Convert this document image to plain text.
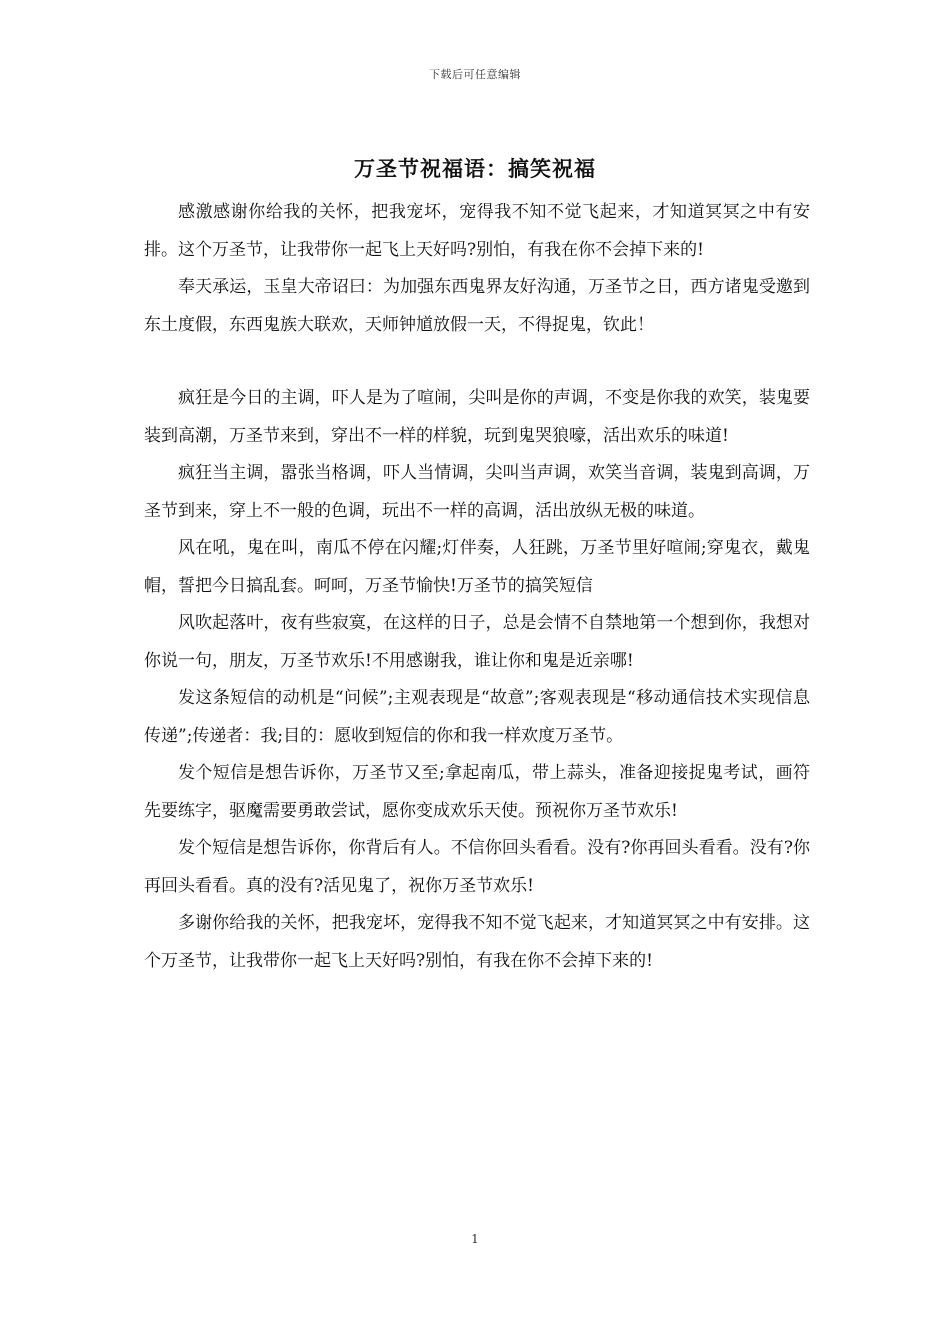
下载后可任意编辑
万圣节祝福语：搞笑祝福

感激感谢你给我的关怀，把我宠坏，宠得我不知不觉飞起来，才知道冥冥之中有安排。这个万圣节，让我带你一起飞上天好吗?别怕，有我在你不会掉下来的!

奉天承运，玉皇大帝诏曰：为加强东西鬼界友好沟通，万圣节之日，西方诸鬼受邀到东土度假，东西鬼族大联欢，天师钟馗放假一天，不得捉鬼，钦此！

疯狂是今日的主调，吓人是为了喧闹，尖叫是你的声调，不变是你我的欢笑，装鬼要装到高潮，万圣节来到，穿出不一样的样貌，玩到鬼哭狼嚎，活出欢乐的味道!

疯狂当主调，嚣张当格调，吓人当情调，尖叫当声调，欢笑当音调，装鬼到高调，万圣节到来，穿上不一般的色调，玩出不一样的高调，活出放纵无极的味道。

风在吼，鬼在叫，南瓜不停在闪耀;灯伴奏，人狂跳，万圣节里好喧闹;穿鬼衣，戴鬼帽，誓把今日搞乱套。呵呵，万圣节愉快!万圣节的搞笑短信

风吹起落叶，夜有些寂寞，在这样的日子，总是会情不自禁地第一个想到你，我想对你说一句，朋友，万圣节欢乐!不用感谢我，谁让你和鬼是近亲哪!

发这条短信的动机是“问候”;主观表现是“故意”;客观表现是“移动通信技术实现信息传递”;传递者：我;目的：愿收到短信的你和我一样欢度万圣节。

发个短信是想告诉你，万圣节又至;拿起南瓜，带上蒜头，准备迎接捉鬼考试，画符先要练字，驱魔需要勇敢尝试，愿你变成欢乐天使。预祝你万圣节欢乐!

发个短信是想告诉你，你背后有人。不信你回头看看。没有?你再回头看看。没有?你再回头看看。真的没有?活见鬼了，祝你万圣节欢乐!

多谢你给我的关怀，把我宠坏，宠得我不知不觉飞起来，才知道冥冥之中有安排。这个万圣节，让我带你一起飞上天好吗?别怕，有我在你不会掉下来的!

1
